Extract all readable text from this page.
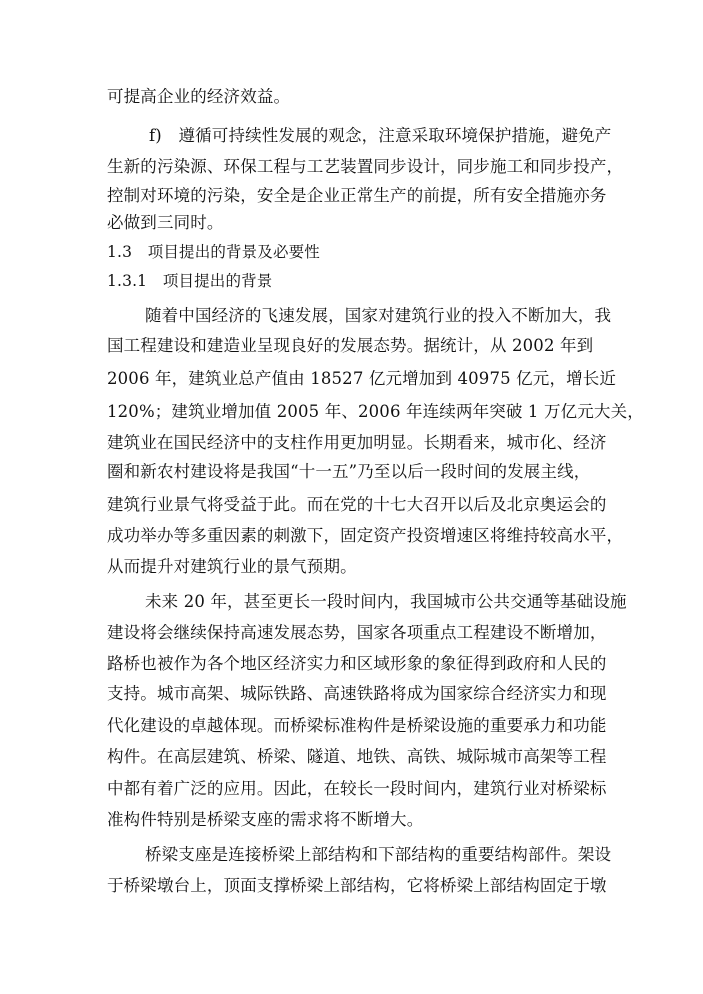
可提高企业的经济效益。
f)　遵循可持续性发展的观念，注意采取环境保护措施，避免产
生新的污染源、环保工程与工艺装置同步设计，同步施工和同步投产，
控制对环境的污染，安全是企业正常生产的前提，所有安全措施亦务
必做到三同时。
1.3　项目提出的背景及必要性
1.3.1　项目提出的背景
随着中国经济的飞速发展，国家对建筑行业的投入不断加大，我
国工程建设和建造业呈现良好的发展态势。据统计，从 2002 年到
2006 年，建筑业总产值由 18527 亿元增加到 40975 亿元，增长近
120%；建筑业增加值 2005 年、2006 年连续两年突破 1 万亿元大关，
建筑业在国民经济中的支柱作用更加明显。长期看来，城市化、经济
圈和新农村建设将是我国“十一五”乃至以后一段时间的发展主线，
建筑行业景气将受益于此。而在党的十七大召开以后及北京奥运会的
成功举办等多重因素的刺激下，固定资产投资增速区将维持较高水平，
从而提升对建筑行业的景气预期。
未来 20 年，甚至更长一段时间内，我国城市公共交通等基础设施
建设将会继续保持高速发展态势，国家各项重点工程建设不断增加，
路桥也被作为各个地区经济实力和区域形象的象征得到政府和人民的
支持。城市高架、城际铁路、高速铁路将成为国家综合经济实力和现
代化建设的卓越体现。而桥梁标准构件是桥梁设施的重要承力和功能
构件。在高层建筑、桥梁、隧道、地铁、高铁、城际城市高架等工程
中都有着广泛的应用。因此，在较长一段时间内，建筑行业对桥梁标
准构件特别是桥梁支座的需求将不断增大。
桥梁支座是连接桥梁上部结构和下部结构的重要结构部件。架设
于桥梁墩台上，顶面支撑桥梁上部结构，它将桥梁上部结构固定于墩
